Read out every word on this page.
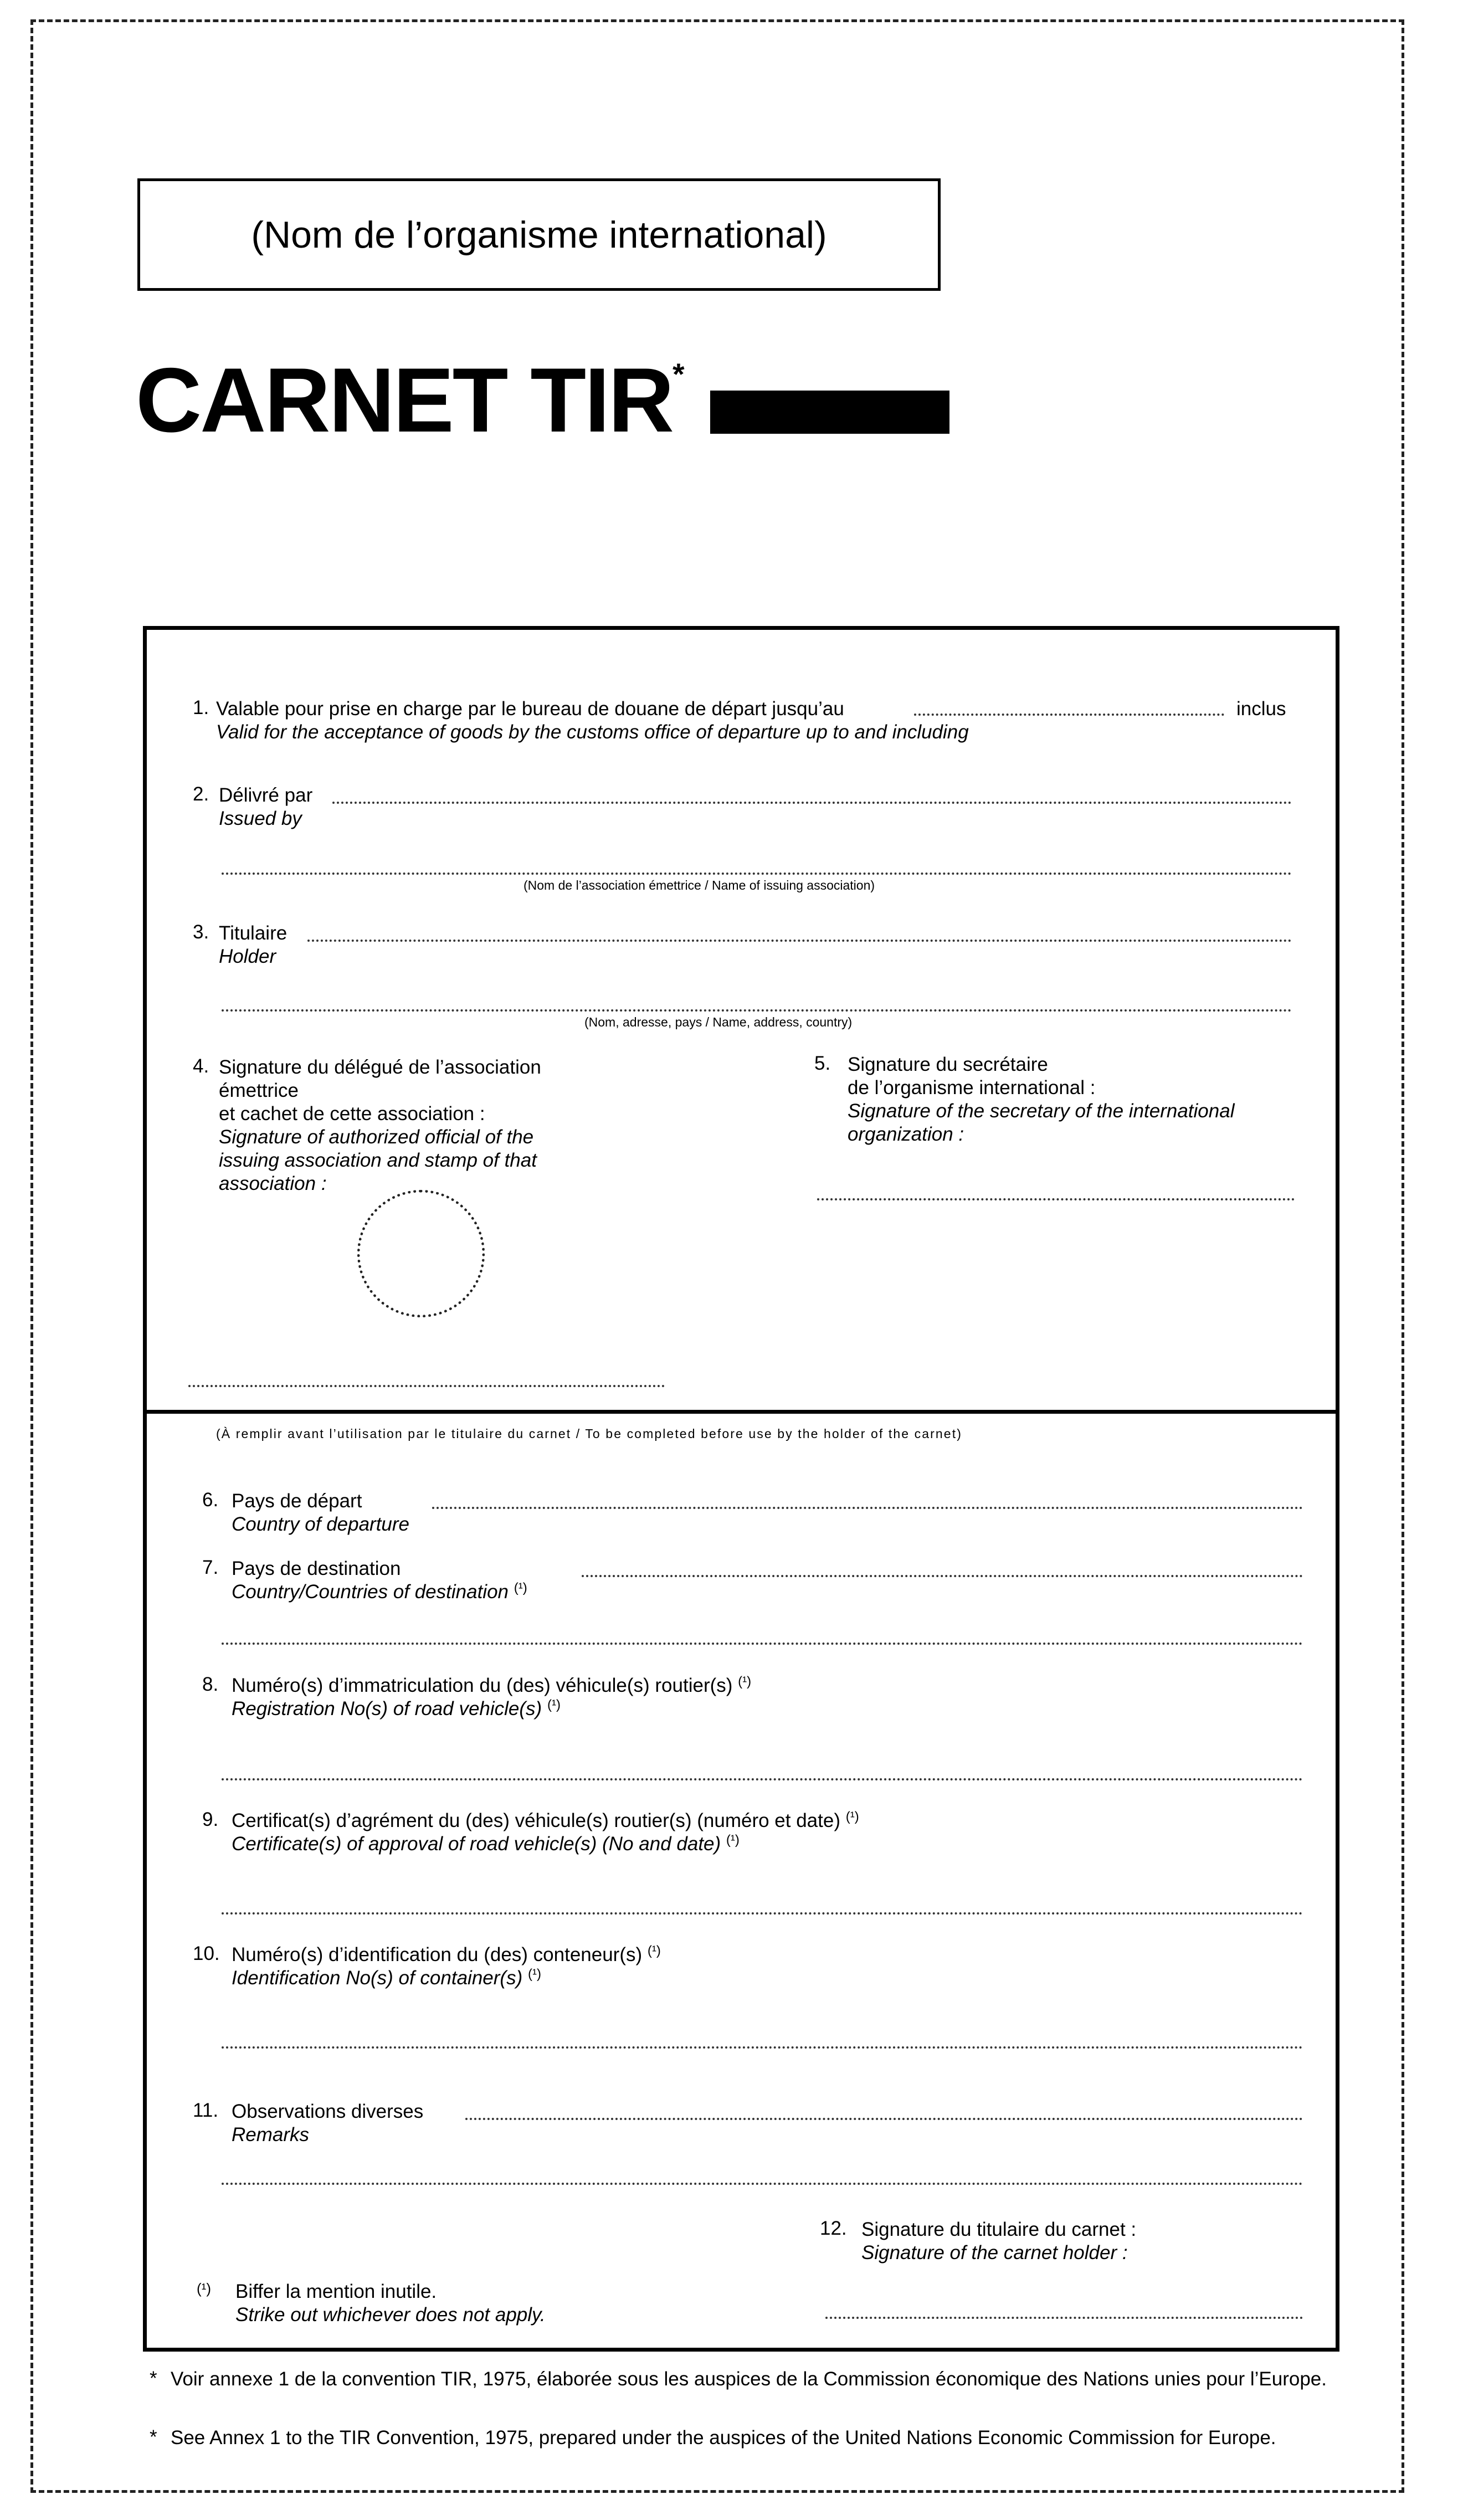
(Nom de l’organisme international)
CARNET TIR*
1. Valable pour prise en charge par le bureau de douane de départ jusqu’au	inclus
Valid for the acceptance of goods by the customs office of departure up to and including
2. Délivré par
Issued by
(Nom de l’association émettrice / Name of issuing association)
3. Titulaire
Holder
(Nom, adresse, pays / Name, address, country)
4. Signature du délégué de l’association
émettrice
et cachet de cette association :
Signature of authorized official of the
issuing association and stamp of that
association :
5. Signature du secrétaire
de l’organisme international :
Signature of the secretary of the international
organization :
(À remplir avant l’utilisation par le titulaire du carnet / To be completed before use by the holder of the carnet)
6. Pays de départ
Country of departure
7. Pays de destination
Country/Countries of destination $^{(^1)}$
8. Numéro(s) d’immatriculation du (des) véhicule(s) routier(s) $^{(^1)}$
Registration No(s) of road vehicle(s) $^{(^1)}$
9. Certificat(s) d’agrément du (des) véhicule(s) routier(s) (numéro et date) $^{(^1)}$
Certificate(s) of approval of road vehicle(s) (No and date) $^{(^1)}$
10. Numéro(s) d’identification du (des) conteneur(s) $^{(^1)}$
Identification No(s) of container(s) $^{(^1)}$
11. Observations diverses
Remarks
12. Signature du titulaire du carnet :
Signature of the carnet holder :
(¹) Biffer la mention inutile.
Strike out whichever does not apply.
* Voir annexe 1 de la convention TIR, 1975, élaborée sous les auspices de la Commission économique des Nations unies pour l’Europe.
* See Annex 1 to the TIR Convention, 1975, prepared under the auspices of the United Nations Economic Commission for Europe.
